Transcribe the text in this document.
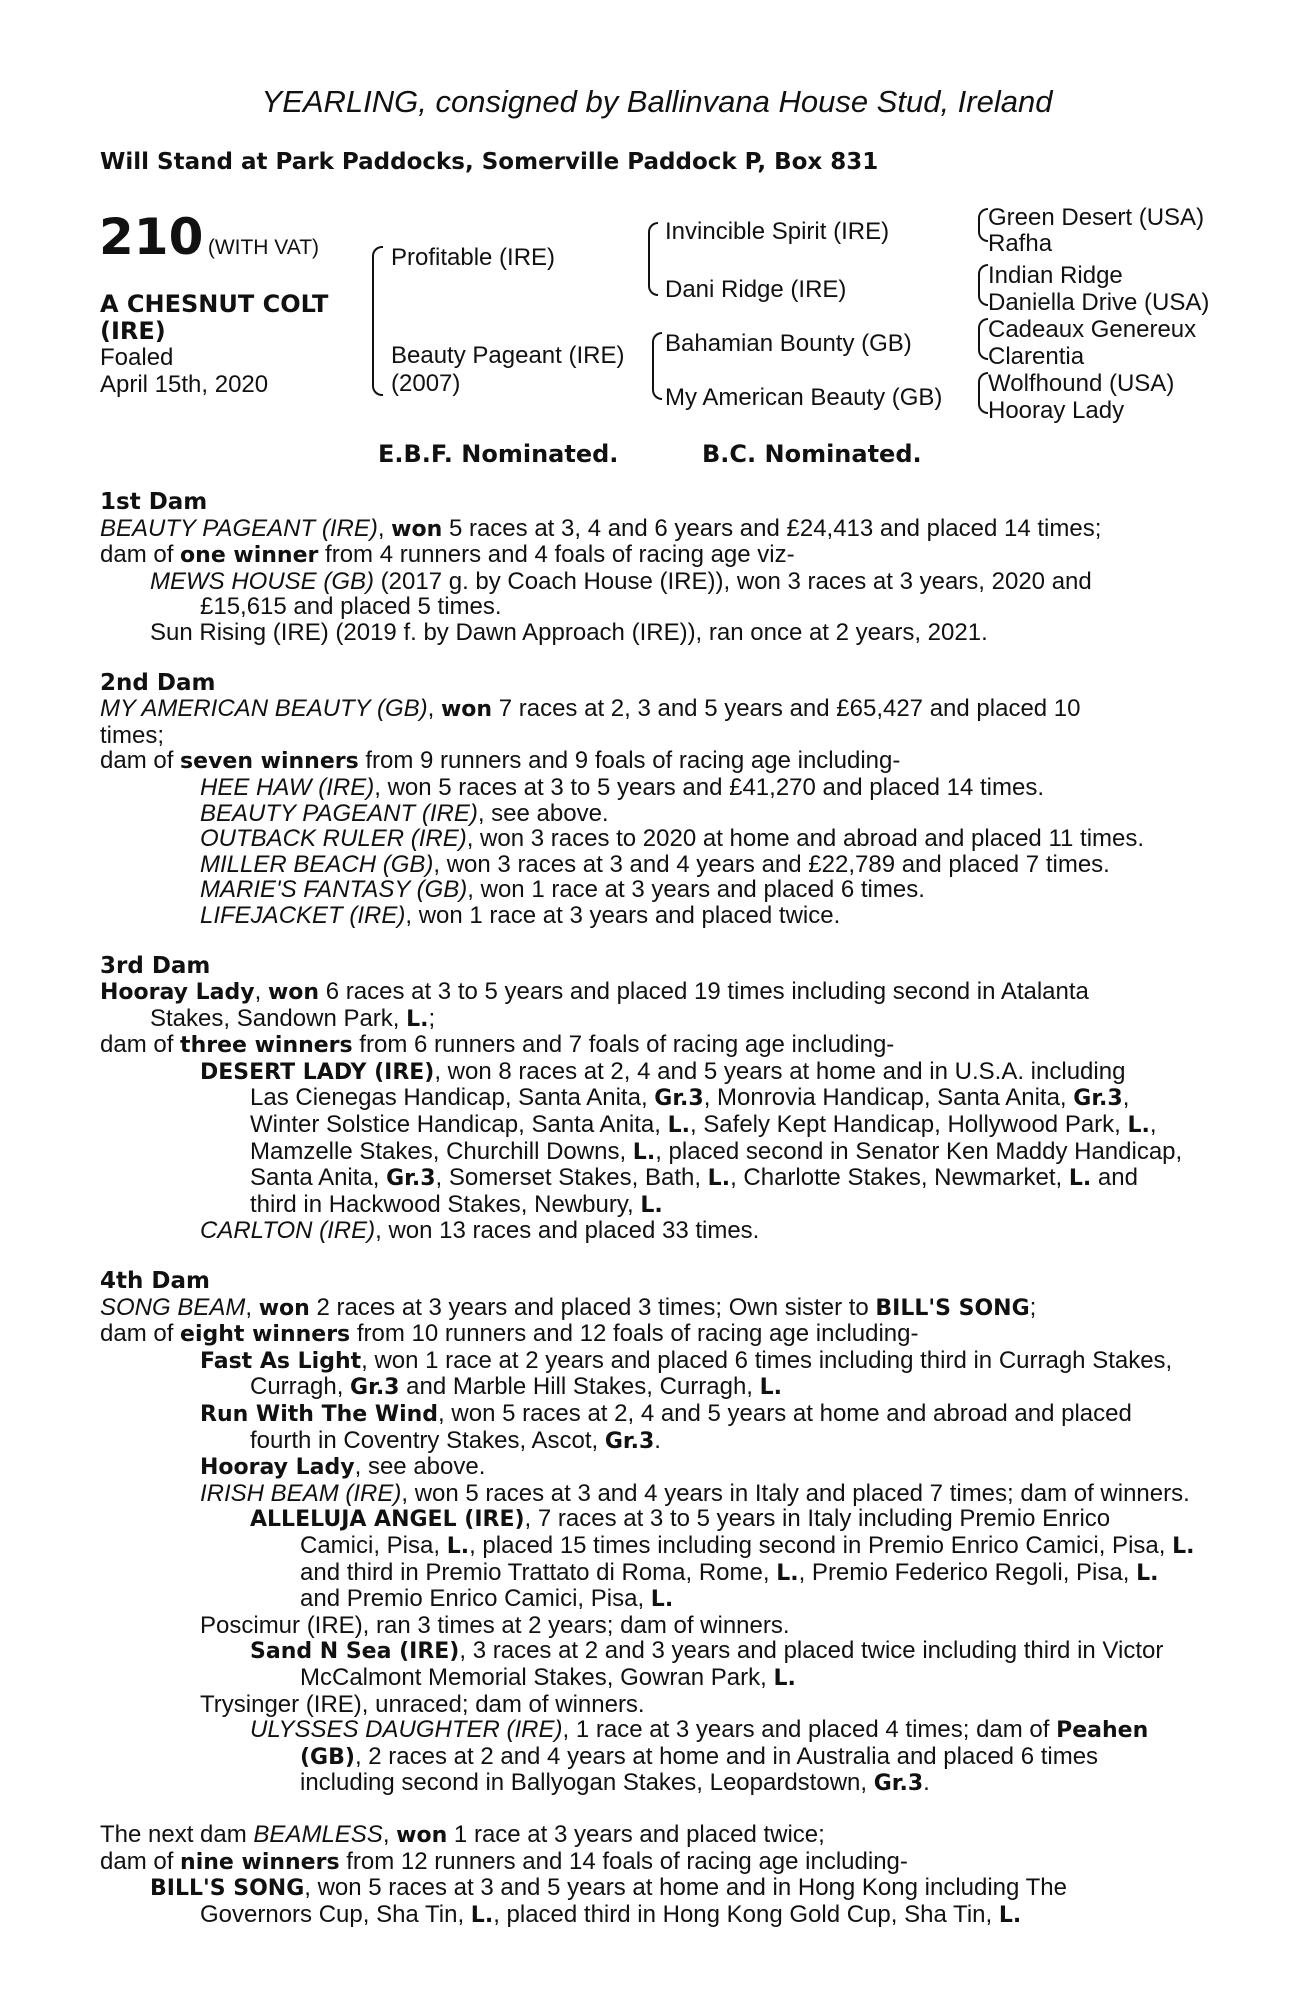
YEARLING, consigned by Ballinvana House Stud, Ireland
Will Stand at Park Paddocks, Somerville Paddock P, Box 831
210 (WITH VAT)
A CHESNUT COLT
(IRE)
Foaled
April 15th, 2020
Profitable (IRE)
Beauty Pageant (IRE)
(2007)
Invincible Spirit (IRE)
Dani Ridge (IRE)
Bahamian Bounty (GB)
My American Beauty (GB)
Green Desert (USA)
Rafha
Indian Ridge
Daniella Drive (USA)
Cadeaux Genereux
Clarentia
Wolfhound (USA)
Hooray Lady
E.B.F. Nominated.	B.C. Nominated.
1st Dam
BEAUTY PAGEANT (IRE), won 5 races at 3, 4 and 6 years and £24,413 and placed 14 times;
dam of one winner from 4 runners and 4 foals of racing age viz-
MEWS HOUSE (GB) (2017 g. by Coach House (IRE)), won 3 races at 3 years, 2020 and
£15,615 and placed 5 times.
Sun Rising (IRE) (2019 f. by Dawn Approach (IRE)), ran once at 2 years, 2021.
2nd Dam
MY AMERICAN BEAUTY (GB), won 7 races at 2, 3 and 5 years and £65,427 and placed 10
times;
dam of seven winners from 9 runners and 9 foals of racing age including-
HEE HAW (IRE), won 5 races at 3 to 5 years and £41,270 and placed 14 times.
BEAUTY PAGEANT (IRE), see above.
OUTBACK RULER (IRE), won 3 races to 2020 at home and abroad and placed 11 times.
MILLER BEACH (GB), won 3 races at 3 and 4 years and £22,789 and placed 7 times.
MARIE'S FANTASY (GB), won 1 race at 3 years and placed 6 times.
LIFEJACKET (IRE), won 1 race at 3 years and placed twice.
3rd Dam
Hooray Lady, won 6 races at 3 to 5 years and placed 19 times including second in Atalanta
Stakes, Sandown Park, L.;
dam of three winners from 6 runners and 7 foals of racing age including-
DESERT LADY (IRE), won 8 races at 2, 4 and 5 years at home and in U.S.A. including
Las Cienegas Handicap, Santa Anita, Gr.3, Monrovia Handicap, Santa Anita, Gr.3,
Winter Solstice Handicap, Santa Anita, L., Safely Kept Handicap, Hollywood Park, L.,
Mamzelle Stakes, Churchill Downs, L., placed second in Senator Ken Maddy Handicap,
Santa Anita, Gr.3, Somerset Stakes, Bath, L., Charlotte Stakes, Newmarket, L. and
third in Hackwood Stakes, Newbury, L.
CARLTON (IRE), won 13 races and placed 33 times.
4th Dam
SONG BEAM, won 2 races at 3 years and placed 3 times; Own sister to BILL'S SONG;
dam of eight winners from 10 runners and 12 foals of racing age including-
Fast As Light, won 1 race at 2 years and placed 6 times including third in Curragh Stakes,
Curragh, Gr.3 and Marble Hill Stakes, Curragh, L.
Run With The Wind, won 5 races at 2, 4 and 5 years at home and abroad and placed
fourth in Coventry Stakes, Ascot, Gr.3.
Hooray Lady, see above.
IRISH BEAM (IRE), won 5 races at 3 and 4 years in Italy and placed 7 times; dam of winners.
ALLELUJA ANGEL (IRE), 7 races at 3 to 5 years in Italy including Premio Enrico
Camici, Pisa, L., placed 15 times including second in Premio Enrico Camici, Pisa, L.
and third in Premio Trattato di Roma, Rome, L., Premio Federico Regoli, Pisa, L.
and Premio Enrico Camici, Pisa, L.
Poscimur (IRE), ran 3 times at 2 years; dam of winners.
Sand N Sea (IRE), 3 races at 2 and 3 years and placed twice including third in Victor
McCalmont Memorial Stakes, Gowran Park, L.
Trysinger (IRE), unraced; dam of winners.
ULYSSES DAUGHTER (IRE), 1 race at 3 years and placed 4 times; dam of Peahen
(GB), 2 races at 2 and 4 years at home and in Australia and placed 6 times
including second in Ballyogan Stakes, Leopardstown, Gr.3.
The next dam BEAMLESS, won 1 race at 3 years and placed twice;
dam of nine winners from 12 runners and 14 foals of racing age including-
BILL'S SONG, won 5 races at 3 and 5 years at home and in Hong Kong including The
Governors Cup, Sha Tin, L., placed third in Hong Kong Gold Cup, Sha Tin, L.
